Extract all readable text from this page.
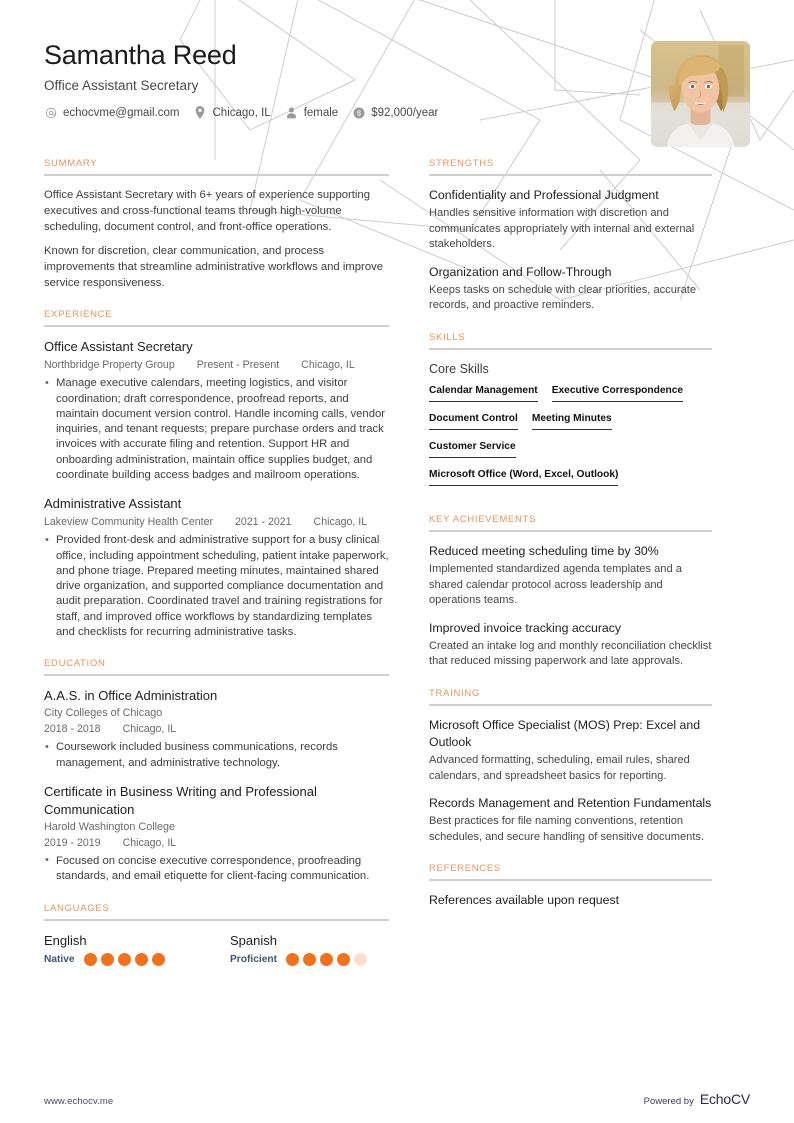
Samantha Reed
Office Assistant Secretary
echocvme@gmail.com	Chicago, IL	female $ $92,000/year
SUMMARY
Office Assistant Secretary with 6+ years of experience supporting executives and cross-functional teams through high-volume scheduling, document control, and front-office operations.
Known for discretion, clear communication, and process improvements that streamline administrative workflows and improve service responsiveness.
EXPERIENCE
Office Assistant Secretary
Northbridge Property Group Present - Present Chicago, IL
• Manage executive calendars, meeting logistics, and visitor coordination; draft correspondence, proofread reports, and maintain document version control. Handle incoming calls, vendor inquiries, and tenant requests; prepare purchase orders and track invoices with accurate filing and retention. Support HR and onboarding administration, maintain office supplies budget, and coordinate building access badges and mailroom operations.
Administrative Assistant
Lakeview Community Health Center 2021 - 2021 Chicago, IL
• Provided front-desk and administrative support for a busy clinical office, including appointment scheduling, patient intake paperwork, and phone triage. Prepared meeting minutes, maintained shared drive organization, and supported compliance documentation and audit preparation. Coordinated travel and training registrations for staff, and improved office workflows by standardizing templates and checklists for recurring administrative tasks.
EDUCATION
A.A.S. in Office Administration
City Colleges of Chicago
2018 - 2018 Chicago, IL
• Coursework included business communications, records management, and administrative technology.
Certificate in Business Writing and Professional Communication
Harold Washington College
2019 - 2019 Chicago, IL
• Focused on concise executive correspondence, proofreading standards, and email etiquette for client-facing communication.
LANGUAGES
English
Native
Spanish
Proficient
STRENGTHS
Confidentiality and Professional Judgment
Handles sensitive information with discretion and communicates appropriately with internal and external stakeholders.
Organization and Follow-Through
Keeps tasks on schedule with clear priorities, accurate records, and proactive reminders.
SKILLS
Core Skills
Calendar Management Executive Correspondence
Document Control Meeting Minutes
Customer Service
Microsoft Office (Word, Excel, Outlook)
KEY ACHIEVEMENTS
Reduced meeting scheduling time by 30%
Implemented standardized agenda templates and a shared calendar protocol across leadership and operations teams.
Improved invoice tracking accuracy
Created an intake log and monthly reconciliation checklist that reduced missing paperwork and late approvals.
TRAINING
Microsoft Office Specialist (MOS) Prep: Excel and Outlook
Advanced formatting, scheduling, email rules, shared calendars, and spreadsheet basics for reporting.
Records Management and Retention Fundamentals
Best practices for file naming conventions, retention schedules, and secure handling of sensitive documents.
REFERENCES
References available upon request
www.echocv.me	Powered by EchoCV
